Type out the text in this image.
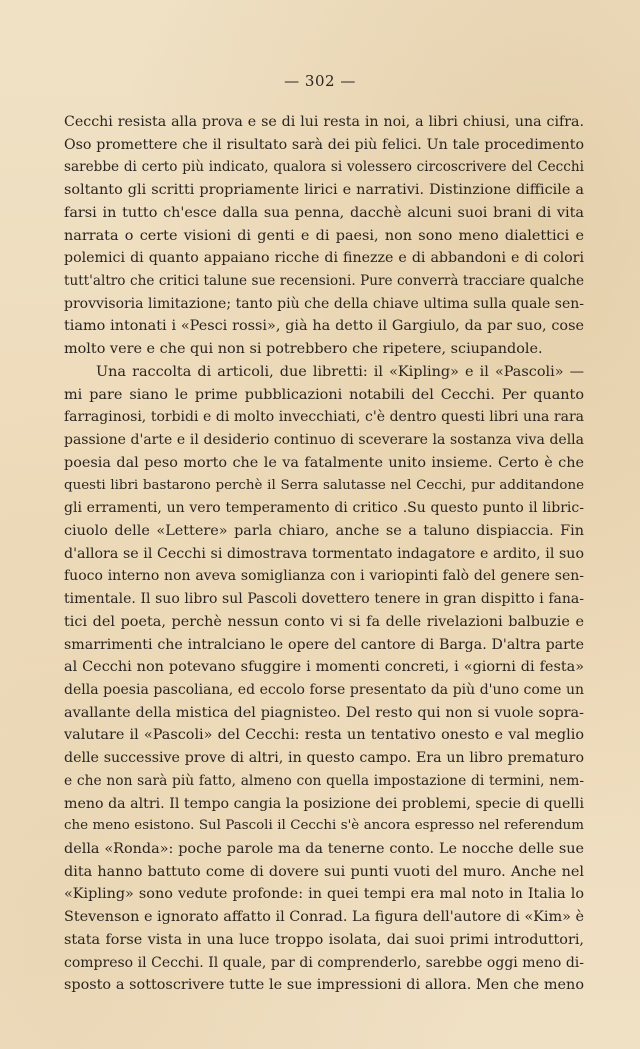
— 302 —
Cecchi resista alla prova e se di lui resta in noi, a libri chiusi, una cifra.
Oso promettere che il risultato sarà dei più felici. Un tale procedimento
sarebbe di certo più indicato, qualora si volessero circoscrivere del Cecchi
soltanto gli scritti propriamente lirici e narrativi. Distinzione difficile a
farsi in tutto ch'esce dalla sua penna, dacchè alcuni suoi brani di vita
narrata o certe visioni di genti e di paesi, non sono meno dialettici e
polemici di quanto appaiano ricche di finezze e di abbandoni e di colori
tutt'altro che critici talune sue recensioni. Pure converrà tracciare qualche
provvisoria limitazione; tanto più che della chiave ultima sulla quale sen-
tiamo intonati i «Pesci rossi», già ha detto il Gargiulo, da par suo, cose
molto vere e che qui non si potrebbero che ripetere, sciupandole.
Una raccolta di articoli, due libretti: il «Kipling» e il «Pascoli» —
mi pare siano le prime pubblicazioni notabili del Cecchi. Per quanto
farraginosi, torbidi e di molto invecchiati, c'è dentro questi libri una rara
passione d'arte e il desiderio continuo di sceverare la sostanza viva della
poesia dal peso morto che le va fatalmente unito insieme. Certo è che
questi libri bastarono perchè il Serra salutasse nel Cecchi, pur additandone
gli erramenti, un vero temperamento di critico .Su questo punto il libric-
ciuolo delle «Lettere» parla chiaro, anche se a taluno dispiaccia. Fin
d'allora se il Cecchi si dimostrava tormentato indagatore e ardito, il suo
fuoco interno non aveva somiglianza con i variopinti falò del genere sen-
timentale. Il suo libro sul Pascoli dovettero tenere in gran dispitto i fana-
tici del poeta, perchè nessun conto vi si fa delle rivelazioni balbuzie e
smarrimenti che intralciano le opere del cantore di Barga. D'altra parte
al Cecchi non potevano sfuggire i momenti concreti, i «giorni di festa»
della poesia pascoliana, ed eccolo forse presentato da più d'uno come un
avallante della mistica del piagnisteo. Del resto qui non si vuole sopra-
valutare il «Pascoli» del Cecchi: resta un tentativo onesto e val meglio
delle successive prove di altri, in questo campo. Era un libro prematuro
e che non sarà più fatto, almeno con quella impostazione di termini, nem-
meno da altri. Il tempo cangia la posizione dei problemi, specie di quelli
che meno esistono. Sul Pascoli il Cecchi s'è ancora espresso nel referendum
della «Ronda»: poche parole ma da tenerne conto. Le nocche delle sue
dita hanno battuto come di dovere sui punti vuoti del muro. Anche nel
«Kipling» sono vedute profonde: in quei tempi era mal noto in Italia lo
Stevenson e ignorato affatto il Conrad. La figura dell'autore di «Kim» è
stata forse vista in una luce troppo isolata, dai suoi primi introduttori,
compreso il Cecchi. Il quale, par di comprenderlo, sarebbe oggi meno di-
sposto a sottoscrivere tutte le sue impressioni di allora. Men che meno
